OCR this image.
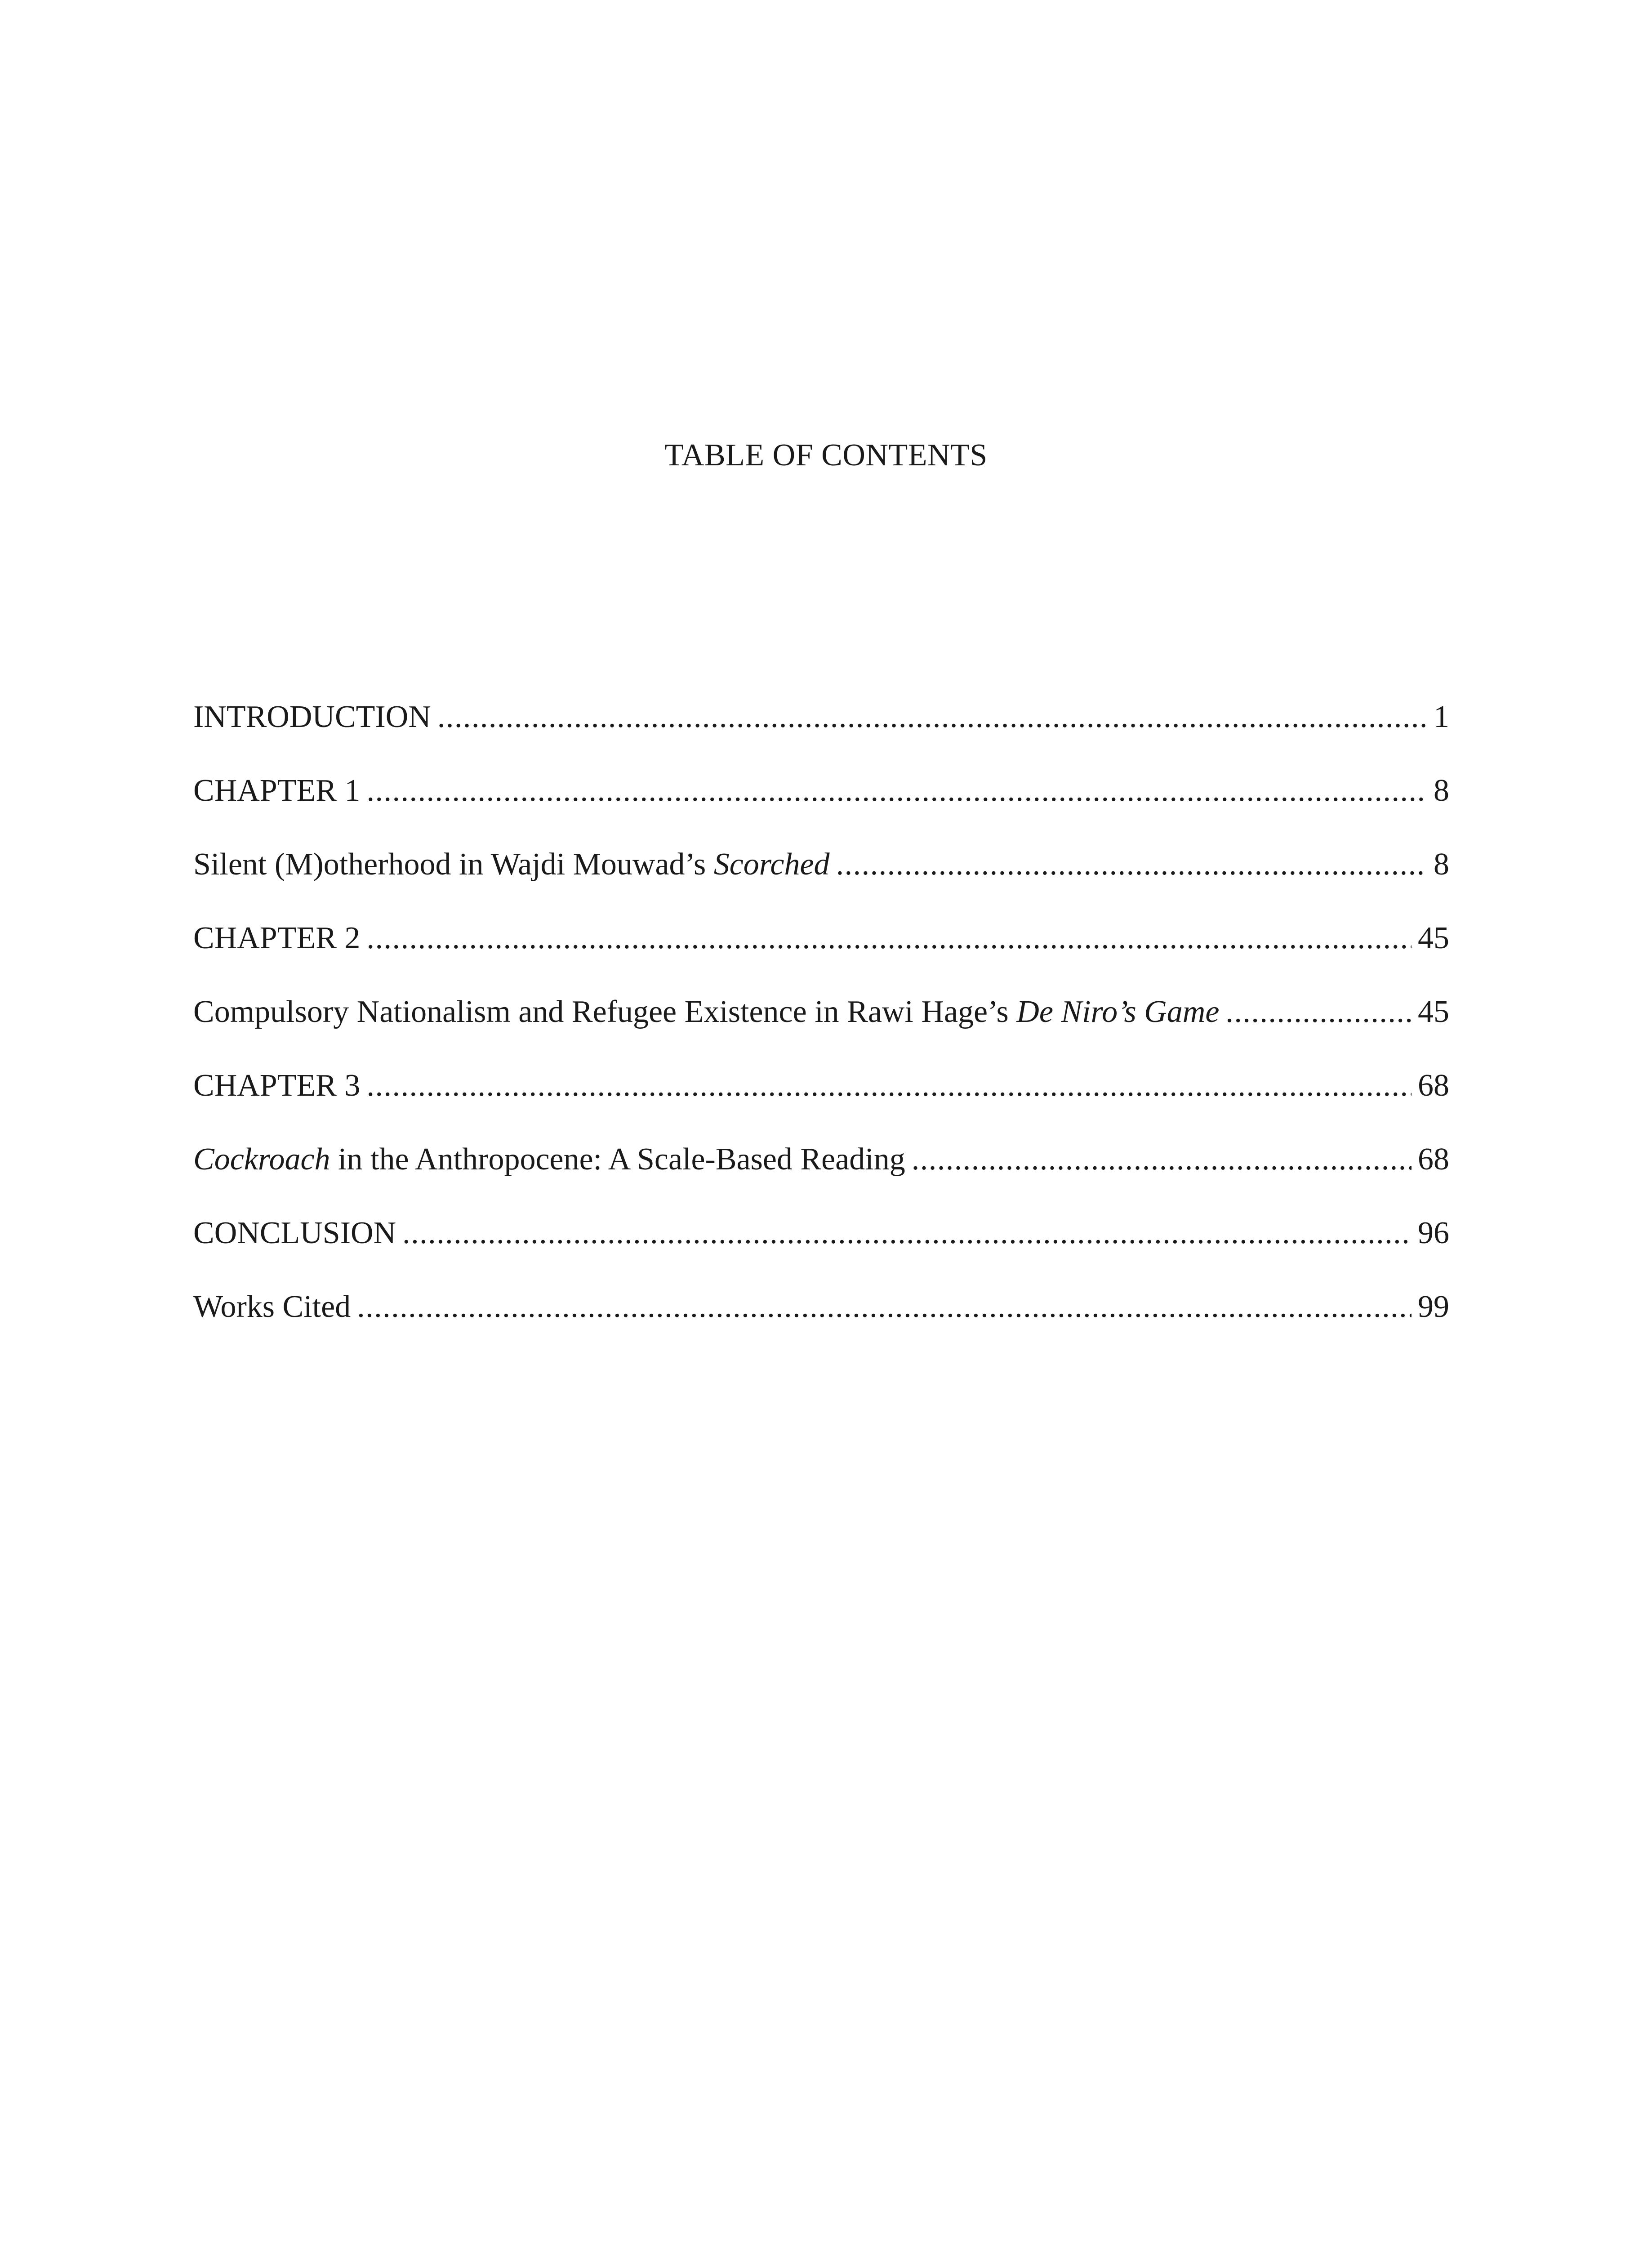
TABLE OF CONTENTS
INTRODUCTION . . .	1
CHAPTER 1 . . .	8
Silent (M)otherhood in Wajdi Mouwad’s Scorched . . .	8
CHAPTER 2 . . .	45
Compulsory Nationalism and Refugee Existence in Rawi Hage’s De Niro’s Game . . .	45
CHAPTER 3 . . .	68
Cockroach in the Anthropocene: A Scale-Based Reading . . .	68
CONCLUSION . . .	96
Works Cited . . .	99
